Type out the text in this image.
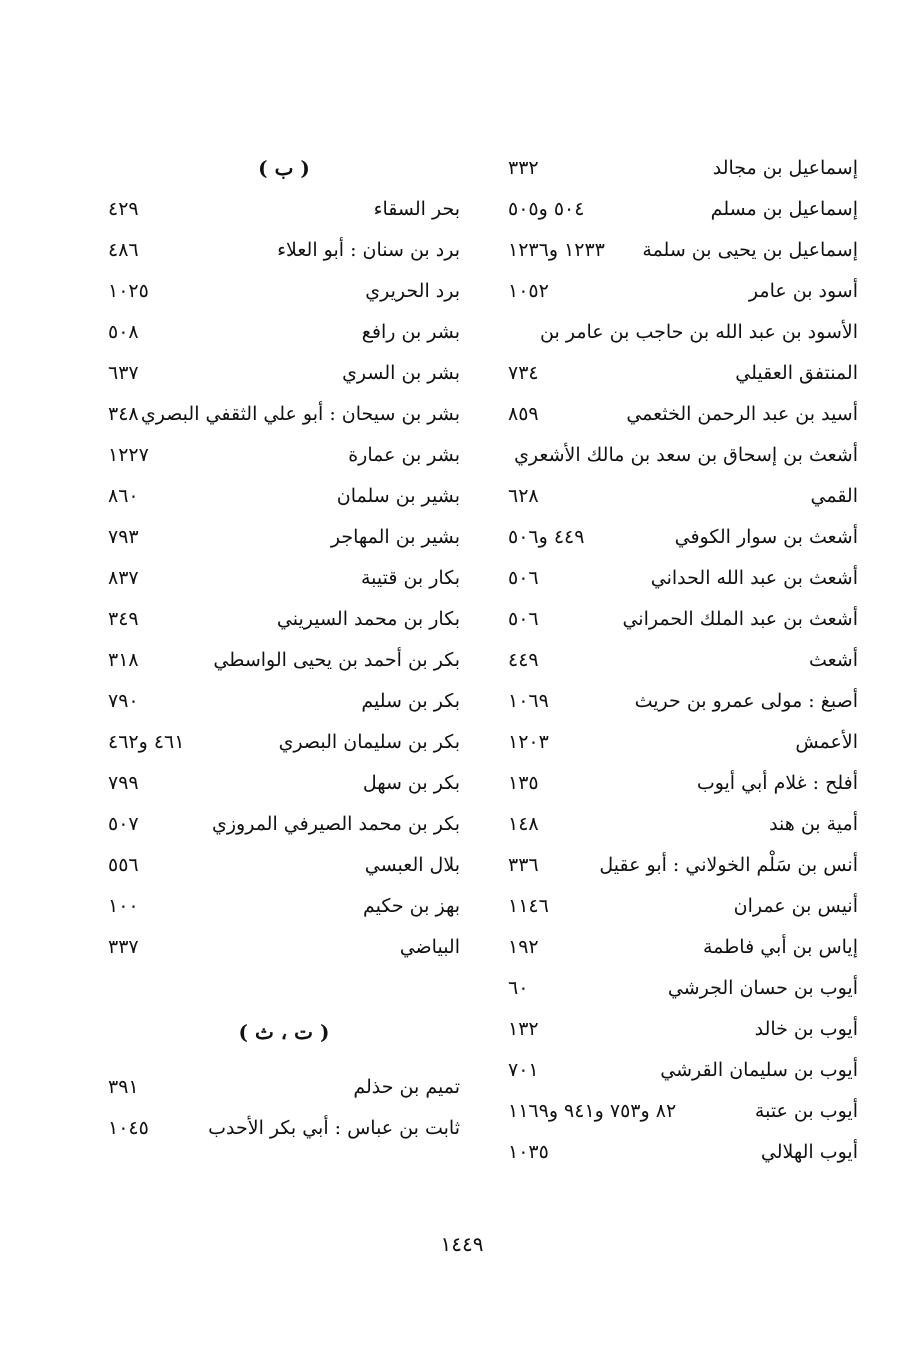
إسماعيل بن مجالد
٣٣٢
إسماعيل بن مسلم
٥٠٤ و٥٠٥
إسماعيل بن يحيى بن سلمة
١٢٣٣ و١٢٣٦
أسود بن عامر
١٠٥٢
الأسود بن عبد الله بن حاجب بن عامر بن
المنتفق العقيلي
٧٣٤
أسيد بن عبد الرحمن الخثعمي
٨٥٩
أشعث بن إسحاق بن سعد بن مالك الأشعري
القمي
٦٢٨
أشعث بن سوار الكوفي
٤٤٩ و٥٠٦
أشعث بن عبد الله الحداني
٥٠٦
أشعث بن عبد الملك الحمراني
٥٠٦
أشعث
٤٤٩
أصبغ : مولى عمرو بن حريث
١٠٦٩
الأعمش
١٢٠٣
أفلح : غلام أبي أيوب
١٣٥
أمية بن هند
١٤٨
أنس بن سَلْم الخولاني : أبو عقيل
٣٣٦
أنيس بن عمران
١١٤٦
إياس بن أبي فاطمة
١٩٢
أيوب بن حسان الجرشي
٦٠
أيوب بن خالد
١٣٢
أيوب بن سليمان القرشي
٧٠١
أيوب بن عتبة
٨٢ و٧٥٣ و٩٤١ و١١٦٩
أيوب الهلالي
١٠٣٥
( ب )
بحر السقاء
٤٢٩
برد بن سنان : أبو العلاء
٤٨٦
برد الحريري
١٠٢٥
بشر بن رافع
٥٠٨
بشر بن السري
٦٣٧
بشر بن سيحان : أبو علي الثقفي البصري
٣٤٨
بشر بن عمارة
١٢٢٧
بشير بن سلمان
٨٦٠
بشير بن المهاجر
٧٩٣
بكار بن قتيبة
٨٣٧
بكار بن محمد السيريني
٣٤٩
بكر بن أحمد بن يحيى الواسطي
٣١٨
بكر بن سليم
٧٩٠
بكر بن سليمان البصري
٤٦١ و٤٦٢
بكر بن سهل
٧٩٩
بكر بن محمد الصيرفي المروزي
٥٠٧
بلال العبسي
٥٥٦
بهز بن حكيم
١٠٠
البياضي
٣٣٧
( ت ، ث )
تميم بن حذلم
٣٩١
ثابت بن عباس : أبي بكر الأحدب
١٠٤٥
١٤٤٩
